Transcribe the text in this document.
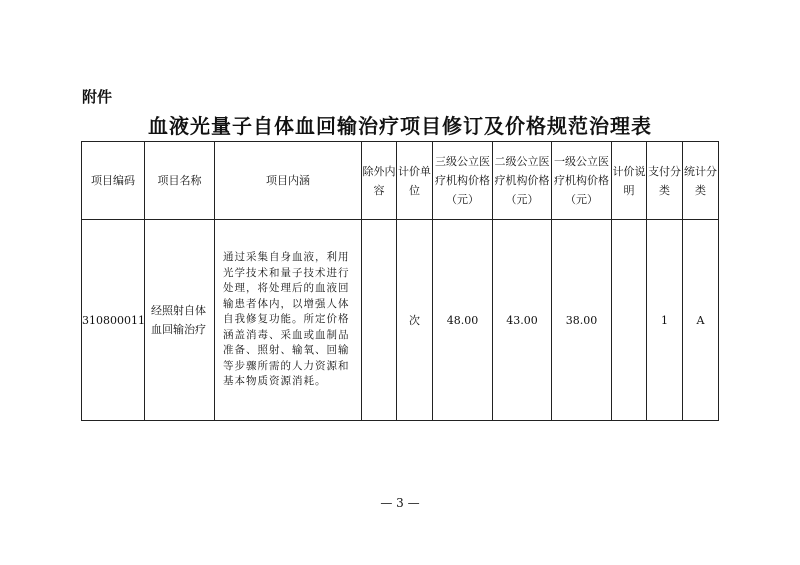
附件
血液光量子自体血回输治疗项目修订及价格规范治理表
项目编码	项目名称	项目内涵	除外内容	计价单位	三级公立医疗机构价格（元）	二级公立医疗机构价格（元）	一级公立医疗机构价格（元）	计价说明	支付分类	统计分类
310800011	经照射自体血回输治疗	通过采集自身血液，利用光学技术和量子技术进行处理，将处理后的血液回输患者体内，以增强人体自我修复功能。所定价格涵盖消毒、采血或血制品准备、照射、输氧、回输等步骤所需的人力资源和基本物质资源消耗。		次	48.00	43.00	38.00		1	A
— 3 —
